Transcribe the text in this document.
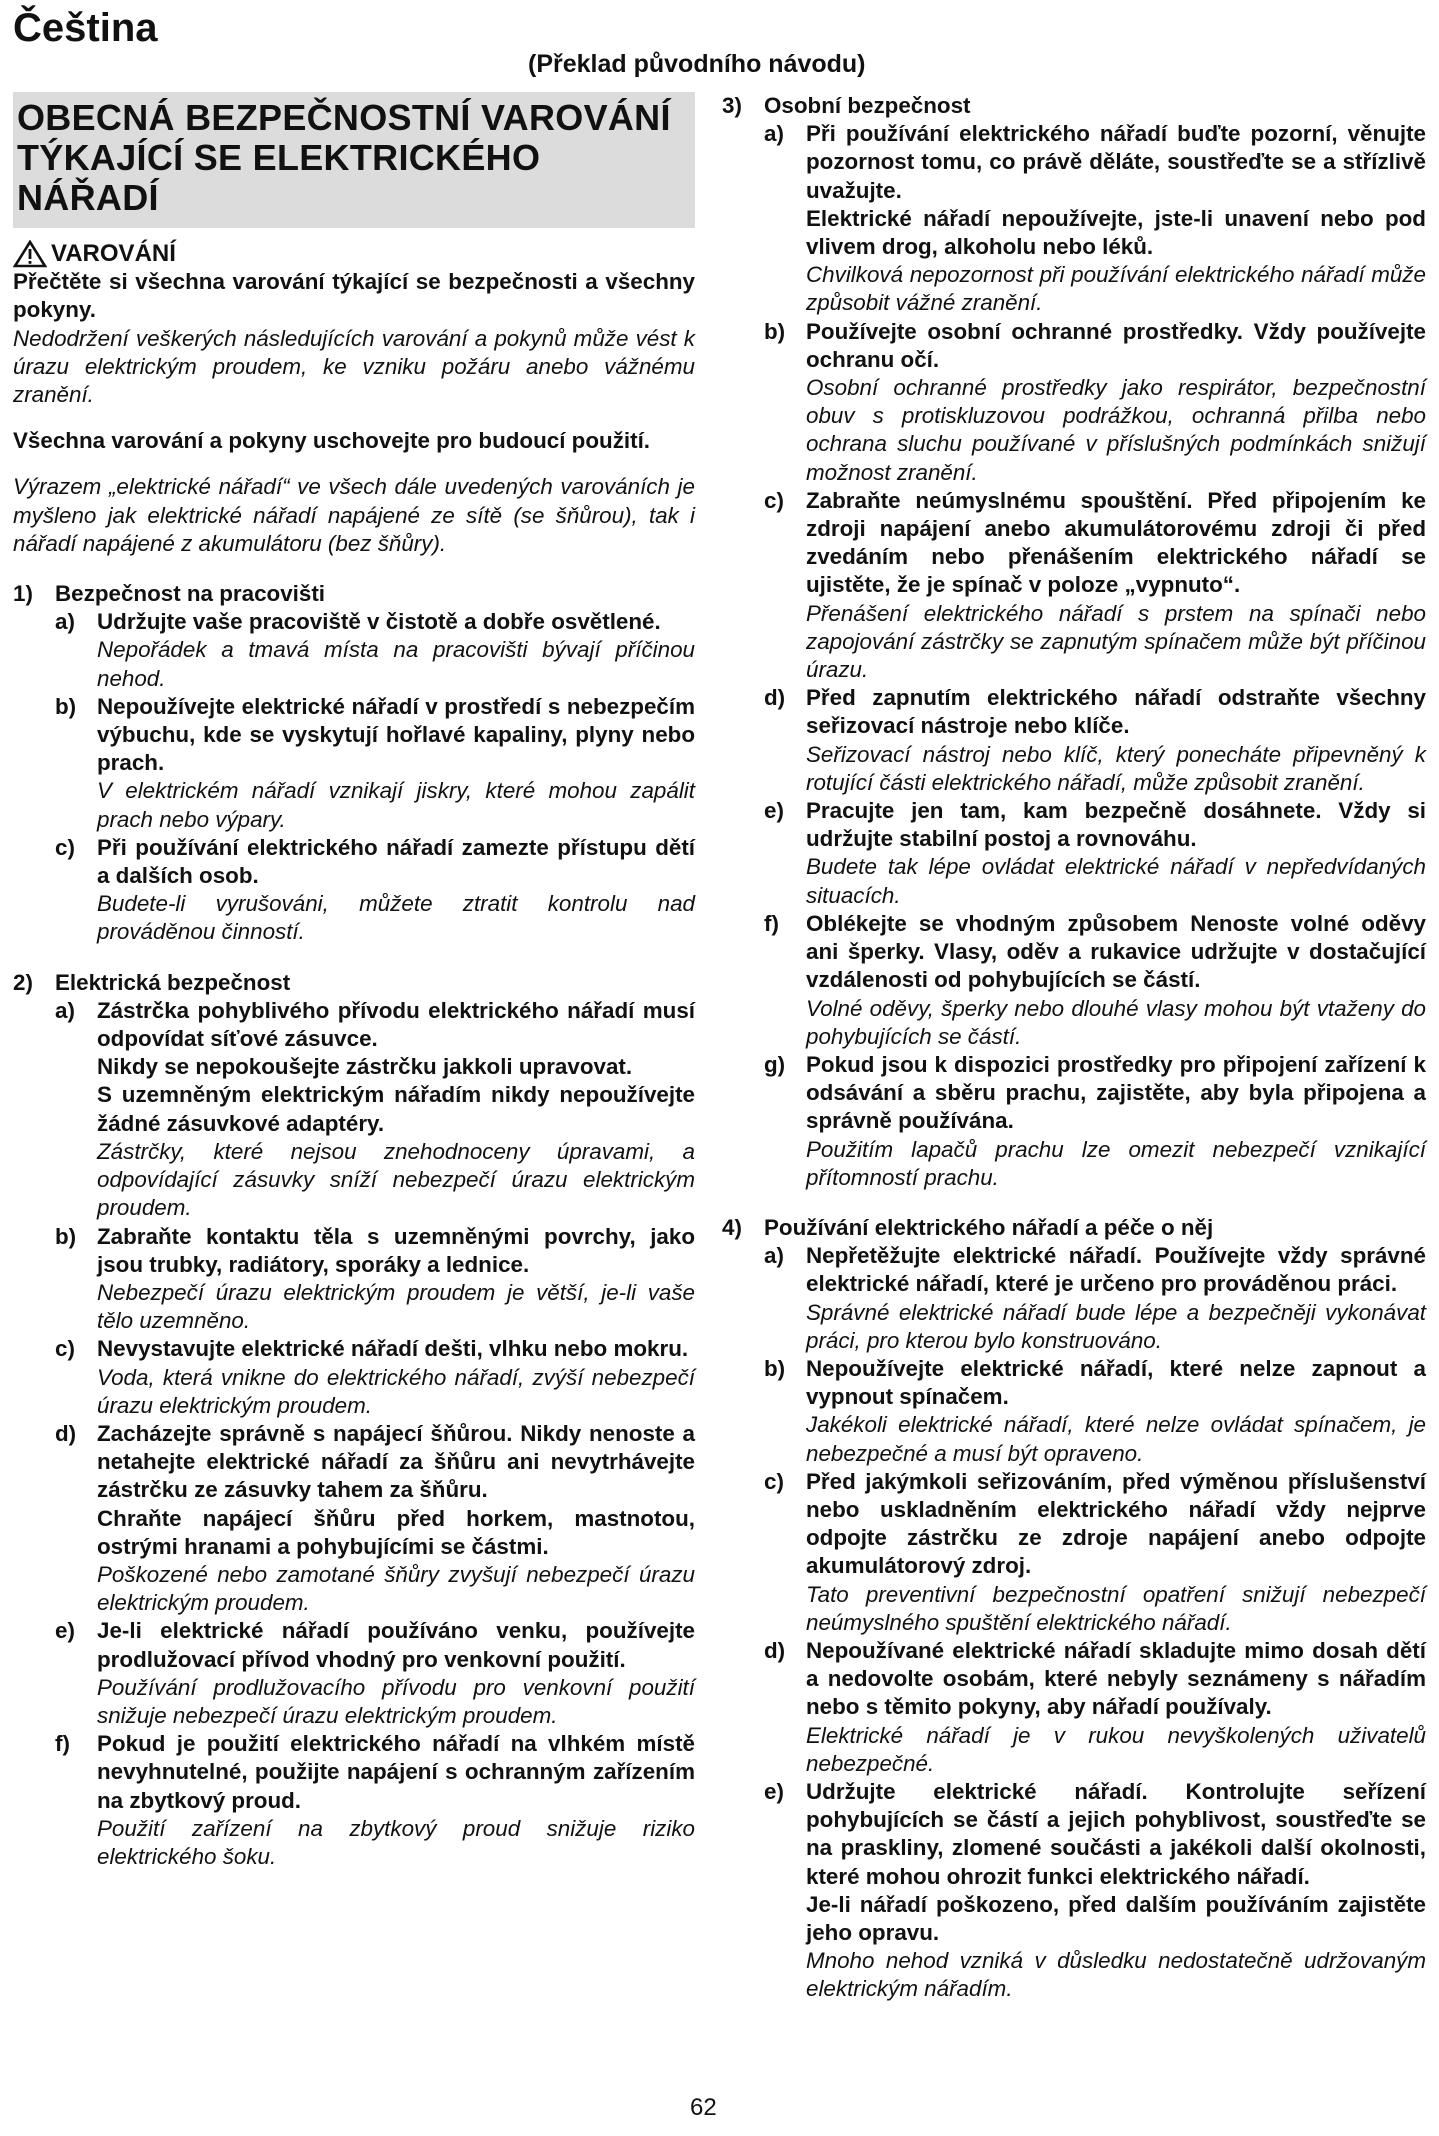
Čeština
(Překlad původního návodu)
OBECNÁ BEZPEČNOSTNÍ VAROVÁNÍ
TÝKAJÍCÍ SE ELEKTRICKÉHO
NÁŘADÍ
VAROVÁNÍ

Přečtěte si všechna varování týkající se bezpečnosti a všechny pokyny.

Nedodržení veškerých následujících varování a pokynů může vést k úrazu elektrickým proudem, ke vzniku požáru anebo vážnému zranění.

Všechna varování a pokyny uschovejte pro budoucí použití.

Výrazem „elektrické nářadí“ ve všech dále uvedených varováních je myšleno jak elektrické nářadí napájené ze sítě (se šňůrou), tak i nářadí napájené z akumulátoru (bez šňůry).

1) Bezpečnost na pracovišti
a) Udržujte vaše pracoviště v čistotě a dobře osvětlené.

Nepořádek a tmavá místa na pracovišti bývají příčinou nehod.

b) Nepoužívejte elektrické nářadí v prostředí s nebezpečím výbuchu, kde se vyskytují hořlavé kapaliny, plyny nebo prach.

V elektrickém nářadí vznikají jiskry, které mohou zapálit prach nebo výpary.

c) Při používání elektrického nářadí zamezte přístupu dětí a dalších osob.

Budete-li vyrušováni, můžete ztratit kontrolu nad prováděnou činností.

2) Elektrická bezpečnost
a) Zástrčka pohyblivého přívodu elektrického nářadí musí odpovídat síťové zásuvce.

Nikdy se nepokoušejte zástrčku jakkoli upravovat.

S uzemněným elektrickým nářadím nikdy nepoužívejte žádné zásuvkové adaptéry.

Zástrčky, které nejsou znehodnoceny úpravami, a odpovídající zásuvky sníží nebezpečí úrazu elektrickým proudem.

b) Zabraňte kontaktu těla s uzemněnými povrchy, jako jsou trubky, radiátory, sporáky a lednice.

Nebezpečí úrazu elektrickým proudem je větší, je-li vaše tělo uzemněno.

c) Nevystavujte elektrické nářadí dešti, vlhku nebo mokru.

Voda, která vnikne do elektrického nářadí, zvýší nebezpečí úrazu elektrickým proudem.

d) Zacházejte správně s napájecí šňůrou. Nikdy nenoste a netahejte elektrické nářadí za šňůru ani nevytrhávejte zástrčku ze zásuvky tahem za šňůru.

Chraňte napájecí šňůru před horkem, mastnotou, ostrými hranami a pohybujícími se částmi.

Poškozené nebo zamotané šňůry zvyšují nebezpečí úrazu elektrickým proudem.

e) Je-li elektrické nářadí používáno venku, používejte prodlužovací přívod vhodný pro venkovní použití.

Používání prodlužovacího přívodu pro venkovní použití snižuje nebezpečí úrazu elektrickým proudem.

f)	Pokud je použití elektrického nářadí na vlhkém místě nevyhnutelné, použijte napájení s ochranným zařízením na zbytkový proud.

Použití zařízení na zbytkový proud snižuje riziko elektrického šoku.

3) Osobní bezpečnost
a) Při používání elektrického nářadí buďte pozorní, věnujte pozornost tomu, co právě děláte, soustřeďte se a střízlivě uvažujte.

Elektrické nářadí nepoužívejte, jste-li unavení nebo pod vlivem drog, alkoholu nebo léků.

Chvilková nepozornost při používání elektrického nářadí může způsobit vážné zranění.

b) Používejte osobní ochranné prostředky. Vždy používejte ochranu očí.

Osobní ochranné prostředky jako respirátor, bezpečnostní obuv s protiskluzovou podrážkou, ochranná přilba nebo ochrana sluchu používané v příslušných podmínkách snižují možnost zranění.

c) Zabraňte neúmyslnému spouštění. Před připojením ke zdroji napájení anebo akumulátorovému zdroji či před zvedáním nebo přenášením elektrického nářadí se ujistěte, že je spínač v poloze „vypnuto“.

Přenášení elektrického nářadí s prstem na spínači nebo zapojování zástrčky se zapnutým spínačem může být příčinou úrazu.

d) Před zapnutím elektrického nářadí odstraňte všechny seřizovací nástroje nebo klíče.

Seřizovací nástroj nebo klíč, který ponecháte připevněný k rotující části elektrického nářadí, může způsobit zranění.

e) Pracujte jen tam, kam bezpečně dosáhnete. Vždy si udržujte stabilní postoj a rovnováhu.

Budete tak lépe ovládat elektrické nářadí v nepředvídaných situacích.

f)	Oblékejte se vhodným způsobem Nenoste volné oděvy ani šperky. Vlasy, oděv a rukavice udržujte v dostačující vzdálenosti od pohybujících se částí.

Volné oděvy, šperky nebo dlouhé vlasy mohou být vtaženy do pohybujících se částí.

g) Pokud jsou k dispozici prostředky pro připojení zařízení k odsávání a sběru prachu, zajistěte, aby byla připojena a správně používána.

Použitím lapačů prachu lze omezit nebezpečí vznikající přítomností prachu.

4) Používání elektrického nářadí a péče o něj
a) Nepřetěžujte elektrické nářadí. Používejte vždy správné elektrické nářadí, které je určeno pro prováděnou práci.

Správné elektrické nářadí bude lépe a bezpečněji vykonávat práci, pro kterou bylo konstruováno.

b) Nepoužívejte elektrické nářadí, které nelze zapnout a vypnout spínačem.

Jakékoli elektrické nářadí, které nelze ovládat spínačem, je nebezpečné a musí být opraveno.

c) Před jakýmkoli seřizováním, před výměnou příslušenství nebo uskladněním elektrického nářadí vždy nejprve odpojte zástrčku ze zdroje napájení anebo odpojte akumulátorový zdroj.

Tato preventivní bezpečnostní opatření snižují nebezpečí neúmyslného spuštění elektrického nářadí.

d) Nepoužívané elektrické nářadí skladujte mimo dosah dětí a nedovolte osobám, které nebyly seznámeny s nářadím nebo s těmito pokyny, aby nářadí používaly.

Elektrické nářadí je v rukou nevyškolených uživatelů nebezpečné.

e) Udržujte elektrické nářadí. Kontrolujte seřízení pohybujících se částí a jejich pohyblivost, soustřeďte se na praskliny, zlomené součásti a jakékoli další okolnosti, které mohou ohrozit funkci elektrického nářadí.

Je-li nářadí poškozeno, před dalším používáním zajistěte jeho opravu.

Mnoho nehod vzniká v důsledku nedostatečně udržovaným elektrickým nářadím.

62
